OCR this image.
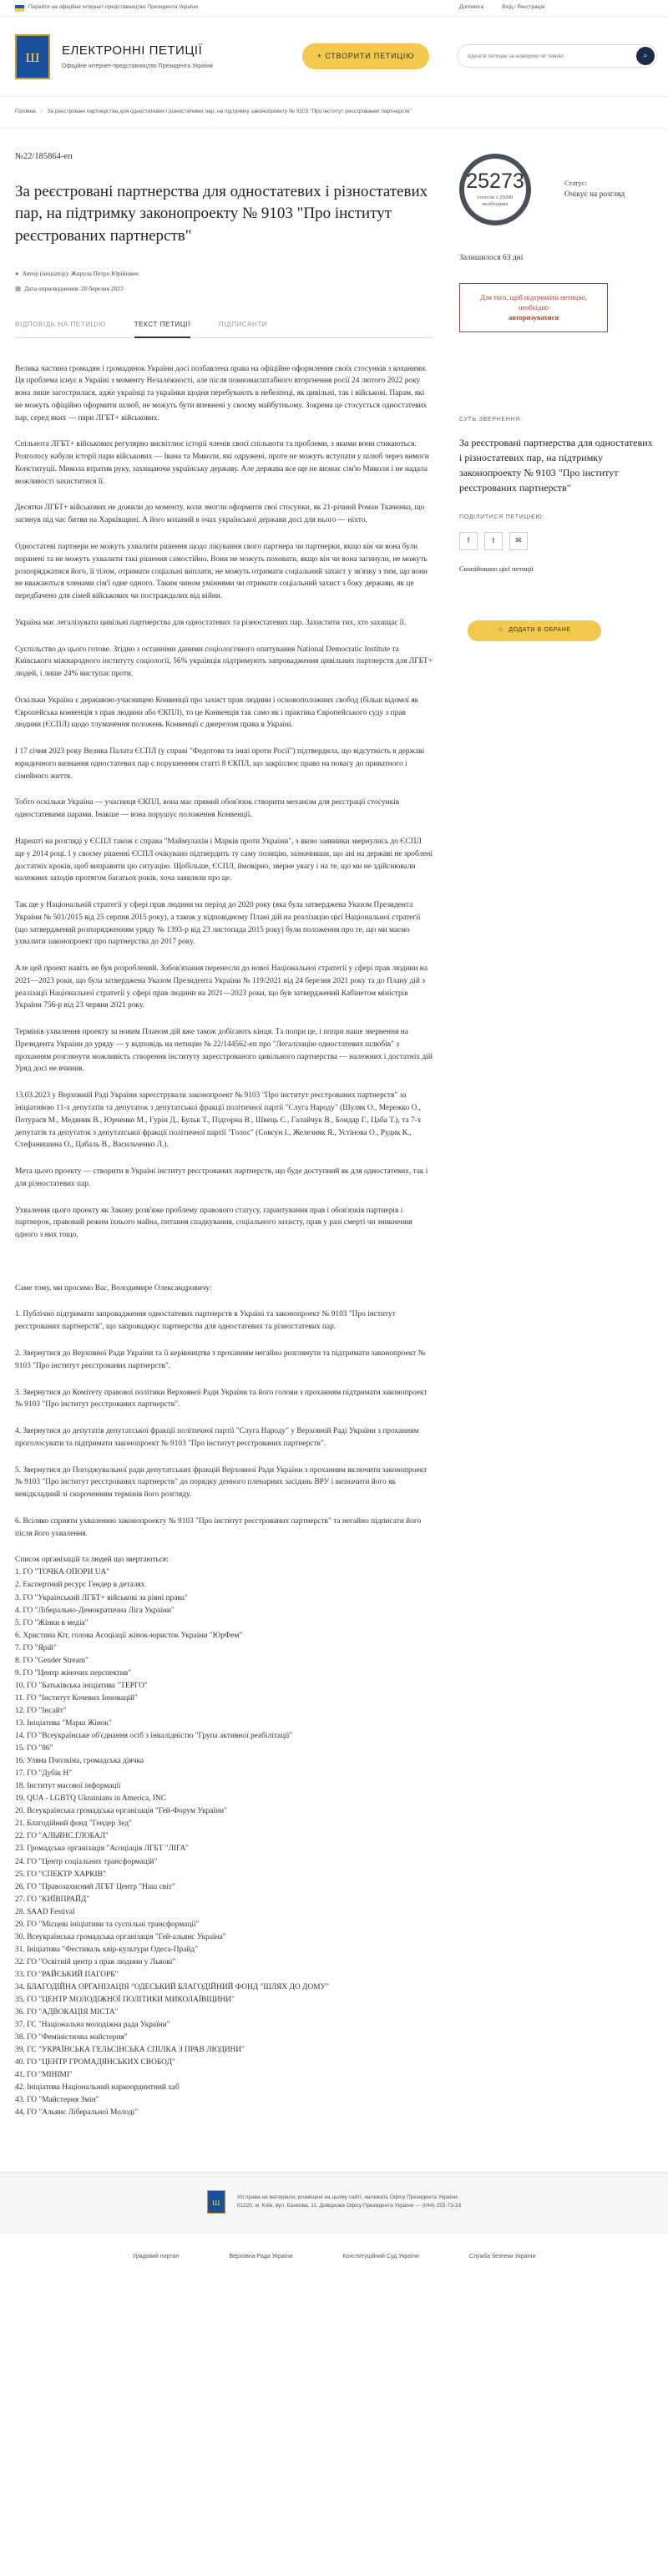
Перейти на офіційне інтернет-представництво Президента України	Допомога	Вхід / Реєстрація
ш	ЕЛЕКТРОННІ ПЕТИЦІЇ
Офіційне інтернет-представництво Президента України
+ СТВОРИТИ ПЕТИЦІЮ
Шукати петицію за номером чи темою	⌕
Головна / За реєстровані партнерства для одностатевих і різностатевих пар, на підтримку законопроекту № 9103 "Про інститут реєстрованих партнерств"
№22/185864-еп
За реєстровані партнерства для одностатевих і різностатевих пар, на підтримку законопроекту № 9103 "Про інститут реєстрованих партнерств"
● Автор (ініціатор): Жирула Петро Юрійович
▦ Дата оприлюднення: 20 березня 2023
ВІДПОВІДЬ НА ПЕТИЦІЮ	ТЕКСТ ПЕТИЦІЇ	ПІДПИСАНТИ

Велика частина громадян і громадянок України досі позбавлена права на офіційне оформлення своїх стосунків з коханими. Ця проблема існує в Україні з моменту Незалежності, але після повномасштабного вторгнення росії 24 лютого 2022 року вона лише загострилася, адже українці та українки щодня перебувають в небезпеці, як цивільні, так і військові. Парам, які не можуть офіційно оформити шлюб, не можуть бути впевнені у своєму майбутньому. Зокрема це стосується одностатевих пар, серед яких — пари ЛГБТ+ військових.

Спільнота ЛГБТ+ військових регулярно висвітлює історії членів своєї спільноти та проблеми, з якими вони стикаються. Розголосу набули історії пари військових — Івана та Миколи, які одружені, проте не можуть вступати у шлюб через вимоги Конституції. Микола втратив руку, захищаючи українську державу. Але держава все ще не визнає сім'ю Миколи і не надала можливості захиститися її.

Десятки ЛГБТ+ військових не дожили до моменту, коли змогли оформити свої стосунки, як 21-річний Роман Ткаченко, що загинув під час битви на Харківщині. А його коханий в очах української держави досі для нього — ніхто.

Одностатеві партнери не можуть ухвалити рішення щодо лікування свого партнера чи партнерки, якщо він чи вона були поранені та не можуть ухвалити такі рішення самостійно. Вони не можуть поховати, якщо він чи вона загинули, не можуть розпоряджатися його, її тілом, отримати соціальні виплати, не можуть отримати соціальний захист у зв'язку з тим, що вони не вважаються членами сім'ї одне одного. Таким чином уміннями чи отримати соціальний захист з боку держави, як це передбачено для сімей військових чи постраждалих від війни.

Україна має легалізувати цивільні партнерства для одностатевих та різностатевих пар. Захистити тих, хто захищає її.

Суспільство до цього готове. Згідно з останніми даними соціологічного опитування National Democratic Institute та Київського міжнародного інституту соціології, 56% українців підтримують запровадження цивільних партнерств для ЛГБТ+ людей, і лише 24% виступає проти.

Оскільки Україна є державою-учасницею Конвенції про захист прав людини і основоположних свобод (більш відомої як Європейська конвенція з прав людини або ЄКПЛ), то це Конвенція так само як і практика Європейського суду з прав людини (ЄСПЛ) щодо тлумачення положень Конвенції є джерелом права в Україні.

І 17 січня 2023 року Велика Палата ЄСПЛ (у справі "Федотова та інші проти Росії") підтвердила, що відсутність в державі юридичного визнання одностатевих пар є порушенням статті 8 ЄКПЛ, що закріплює право на повагу до приватного і сімейного життя.

Тобто оскільки Україна — учасниця ЄКПЛ, вона має прямий обов'язок створити механізм для реєстрації стосунків одностатевими парами. Інакше — вона порушує положення Конвенції.

Нарешті на розгляді у ЄСПЛ також є справа "Маймулахін і Марків проти України", з якою заявники звернулись до ЄСПЛ ще у 2014 році. І у своєму рішенні ЄСПЛ очікувано підтвердить ту саму позицію, зазначивши, що ані на державі не зроблені достатніх кроків, щоб виправити цю ситуацію. Щобільше, ЄСПЛ, ймовірно, зверне увагу і на те, що ми не здійснювали належних заходів протягом багатьох років, хоча заявляли про це.

Так ще у Національній стратегії у сфері прав людини на період до 2020 року (яка була затверджена Указом Президента України № 501/2015 від 25 серпня 2015 року), а також у відповідному Плані дій на реалізацію цієї Національної стратегії (що затверджений розпорядженням уряду № 1393-р від 23 листопада 2015 року) були положення про те, що ми маємо ухвалити законопроект про партнерства до 2017 року.

Але цей проект навіть не був розроблений. Зобов'язання перенесли до нової Національної стратегії у сфері прав людини на 2021—2023 роки, що була затверджена Указом Президента України № 119/2021 від 24 березня 2021 року та до Плану дій з реалізації Національної стратегії у сфері прав людини на 2021—2023 роки, що був затверджений Кабінетом міністрів України 756-р від 23 червня 2021 року.

Термінів ухвалення проекту за новим Планом дій вже також добігають кінця. Та попри це, і попри наше звернення на Президента України до уряду — у відповідь на петицію № 22/144562-еп про "Легалізацію одностатевих шлюбів" з проханням розглянути можливість створення інституту зареєстрованого цивільного партнерства — належних і достатніх дій Уряд досі не вчинив.

13.03.2023 у Верховній Раді України зареєстрували законопроект № 9103 "Про інститут реєстрованих партнерств" за ініціативою 11-х депутатів та депутаток з депутатської фракції політичної партії "Слуга Народу" (Шуляк О., Мережко О., Потураєв М., Медяник В., Юрченко М., Гурін Д., Бульк Т., Підгорна В., Швець С., Галайчук В., Бондар Г., Цаба Т.), та 7-х депутатів та депутаток з депутатської фракції політичної партії "Голос" (Совсун І., Железняк Я., Устінова О., Рудик К., Стефанишина О., Цабаль В., Васильченко Л.).

Мета цього проекту — створити в Україні інститут реєстрованих партнерств, що буде доступний як для одностатевих, так і для різностатевих пар.

Ухвалення цього проекту як Закону розв'яже проблему правового статусу, гарантування прав і обов'язків партнерів і партнерок, правовий режим їхнього майна, питання спадкування, соціального захисту, прав у разі смерті чи зникнення одного з них тощо.

Саме тому, ми просимо Вас, Володимире Олександровичу:

1. Публічно підтримати запровадження одностатевих партнерств в Україні та законопроект № 9103 "Про інститут реєстрованих партнерств", що запроваджує партнерства для одностатевих та різностатевих пар.

2. Звернутися до Верховної Ради України та її керівництва з проханням негайно розглянути та підтримати законопроект № 9103 "Про інститут реєстрованих партнерств".

3. Звернутися до Комітету правової політики Верховної Ради України та його голови з проханням підтримати законопроект № 9103 "Про інститут реєстрованих партнерств".

4. Звернутися до депутатів депутатської фракції політичної партії "Слуга Народу" у Верховній Раді України з проханням проголосувати та підтримати законопроект № 9103 "Про інститут реєстрованих партнерств".

5. Звернутися до Погоджувальної ради депутатських фракцій Верховної Ради України з проханням включити законопроект № 9103 "Про інститут реєстрованих партнерств" до порядку денного пленарних засідань ВРУ і визначити його як невідкладний зі скороченням термінів його розгляду.

6. Всіляко сприяти ухваленню законопроекту № 9103 "Про інститут реєстрованих партнерств" та негайно підписати його після його ухвалення.

Список організацій та людей що звертаються:
1. ГО "ТОЧКА ОПОРИ UA"
2. Експертний ресурс Гендер в деталях
3. ГО "Український ЛГБТ+ військові за рівні права"
4. ГО "Ліберально-Демократична Ліга України"
5. ГО "Жінки в медіа"
6. Христина Кіт, голова Асоціації жінок-юристок України "ЮрФем"
7. ГО "Ярій"
8. ГО "Gender Stream"
9. ГО "Центр жіночих перспектив"
10. ГО "Батьківська ініціатива "ТЕРГО"
11. ГО "Інститут Кочевих Інновацій"
12. ГО "Інсайт"
13. Ініціатива "Марш Жінок"
14. ГО "Всеукраїнське об'єднання осіб з інвалідністю "Група активної реабілітації"
15. ГО "86"
16. Уляна Пчолкіна, громадська діячка
17. ГО "Дубік Н"
18. Інститут масової інформації
19. QUA - LGBTQ Ukrainians in America, INC
20. Всеукраїнська громадська організація "Гей-Форум України"
21. Благодійний фонд "Гендер Зед"
22. ГО "АЛЬЯНС.ГЛОБАЛ"
23. Громадська організація "Асоціація ЛГБТ "ЛІГА"
24. ГО "Центр соціальних трансформацій"
25. ГО "СПЕКТР ХАРКІВ"
26. ГО "Правозахисний ЛГБТ Центр "Наш світ"
27. ГО "КИЇВПРАЙД"
28. SAAD Festival
29. ГО "Місцеві ініціативи та суспільні трансформації"
30. Всеукраїнська громадська організація "Гей-альянс Україна"
31. Ініціатива "Фестиваль квір-культури Одеса-Прайд"
32. ГО "Освітній центр з прав людини у Львові"
33. ГО "РАЙСЬКИЙ ПАГОРБ"
34. БЛАГОДІЙНА ОРГАНІЗАЦІЯ "ОДЕСЬКИЙ БЛАГОДІЙНИЙ ФОНД "ШЛЯХ ДО ДОМУ"
35. ГО "ЦЕНТР МОЛОДІЖНОЇ ПОЛІТИКИ МИКОЛАЇВЩИНИ"
36. ГО "АДВОКАЦІЯ МІСТА"
37. ГС "Національна молодіжна рада України"
38. ГО "Феміністична майстерня"
39. ГС "УКРАЇНСЬКА ГЕЛЬСІНСЬКА СПІЛКА З ПРАВ ЛЮДИНИ"
40. ГО "ЦЕНТР ГРОМАДЯНСЬКИХ СВОБОД"
41. ГО "МІНІМІ"
42. Ініціатива Національний наркоординтний хаб
43. ГО "Майстерня Змін"
44. ГО "Альянс Ліберальної Молоді"
25273
голосів з 25000 необхідних
Статус:
Очікує на розгляд
Залишилося 63 дні
Для того, щоб підтримати петицію, необхідно
авторизуватися
СУТЬ ЗВЕРНЕННЯ:
За реєстровані партнерства для одностатевих і різностатевих пар, на підтримку законопроекту № 9103 "Про інститут реєстрованих партнерств"
ПОДІЛИТИСЯ ПЕТИЦІЄЮ:
f	t	✉
Скопійовано цієї петиції
☆ ДОДАТИ В ОБРАНЕ
ш	Усі права на матеріали, розміщені на цьому сайті, належать Офісу Президента України.
01220, м. Київ, вул. Банкова, 11. Довідкова Офісу Президента України — (044) 255-73-33
Урядовий портал	Верховна Рада України	Конституційний Суд України	Служба безпеки України
